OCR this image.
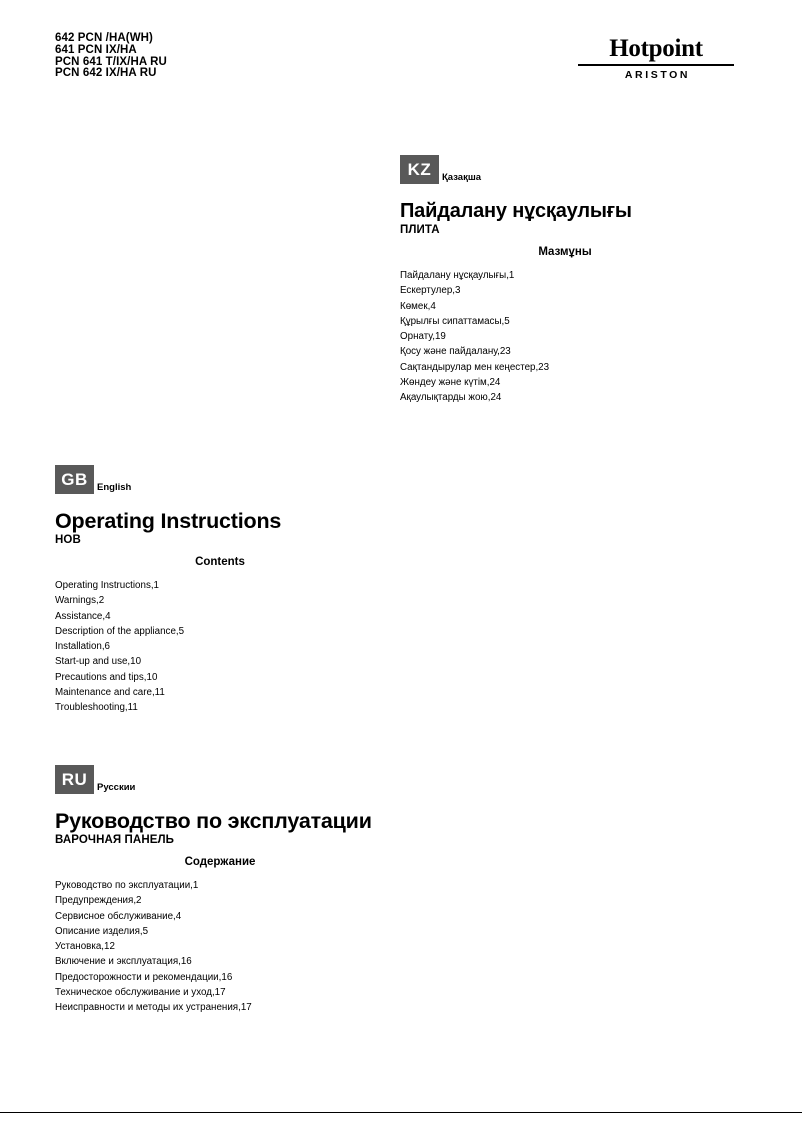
642 PCN /HA(WH)
641 PCN IX/HA
PCN 641 T/IX/HA RU
PCN 642 IX/HA RU
Hotpoint
ARISTON
KZ	Қазақша
Пайдалану нұсқаулығы
ПЛИТА
Мазмұны
Пайдалану нұсқаулығы,1
Ескертулер,3
Көмек,4
Құрылғы сипаттамасы,5
Орнату,19
Қосу және пайдалану,23
Сақтандырулар мен кеңестер,23
Жөндеу және күтім,24
Ақаулықтарды жою,24
GB English
Operating Instructions
HOB
Contents
Operating Instructions,1
Warnings,2
Assistance,4
Description of the appliance,5
Installation,6
Start-up and use,10
Precautions and tips,10
Maintenance and care,11
Troubleshooting,11
RU	Русскии
Руководство по эксплуатации
ВАРОЧНАЯ ПАНЕЛЬ
Содержание
Руководство по эксплуатации,1
Предупреждения,2
Сервисное обслуживание,4
Описание изделия,5
Установка,12
Включение и эксплуатация,16
Предосторожности и рекомендации,16
Техническое обслуживание и уход,17
Неисправности и методы их устранения,17
